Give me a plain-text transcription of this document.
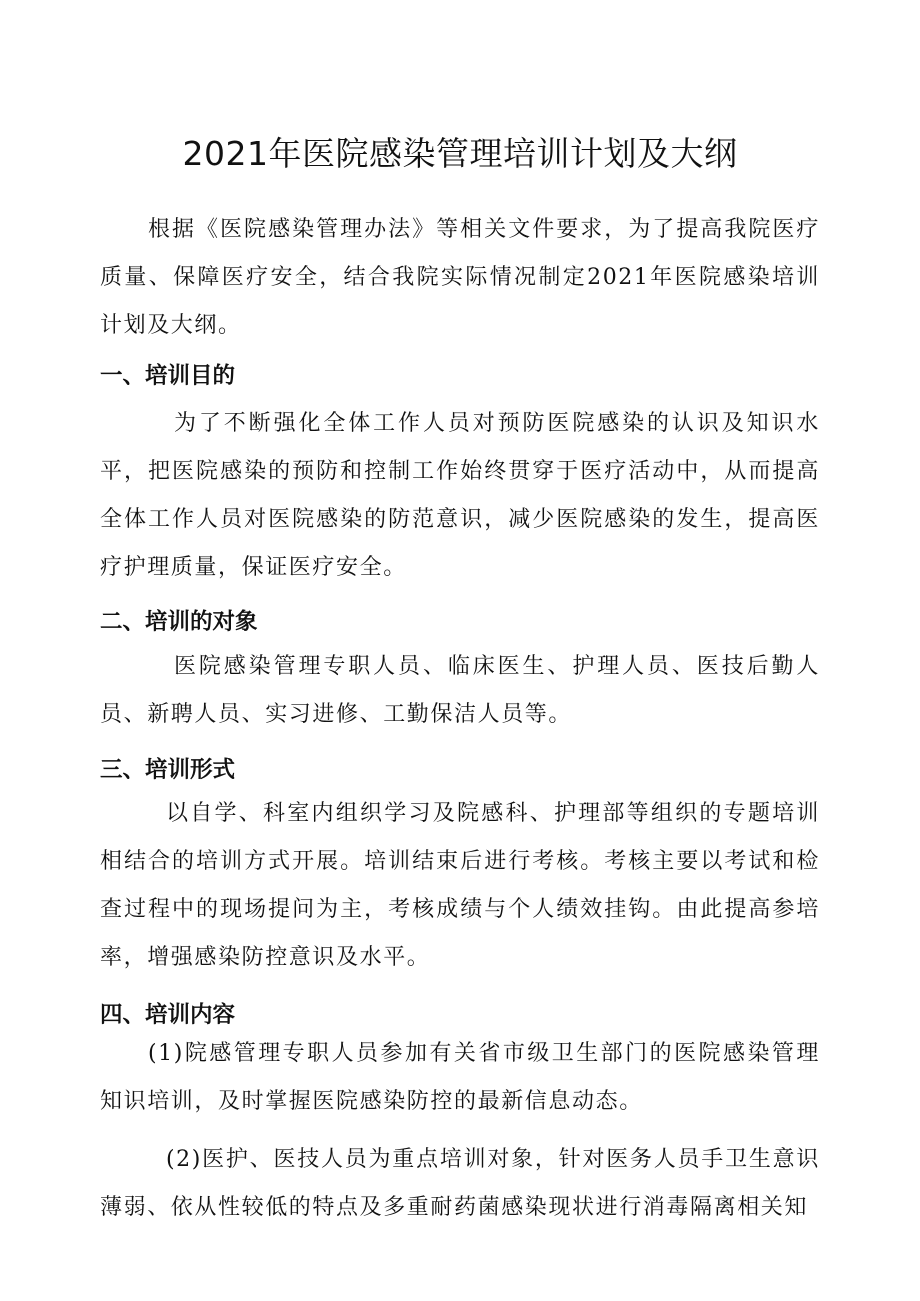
2021年医院感染管理培训计划及大纲

根据《医院感染管理办法》等相关文件要求，为了提高我院医疗质量、保障医疗安全，结合我院实际情况制定2021年医院感染培训计划及大纲。

一、培训目的

为了不断强化全体工作人员对预防医院感染的认识及知识水平，把医院感染的预防和控制工作始终贯穿于医疗活动中，从而提高全体工作人员对医院感染的防范意识，减少医院感染的发生，提高医疗护理质量，保证医疗安全。

二、培训的对象

医院感染管理专职人员、临床医生、护理人员、医技后勤人员、新聘人员、实习进修、工勤保洁人员等。

三、培训形式

以自学、科室内组织学习及院感科、护理部等组织的专题培训相结合的培训方式开展。培训结束后进行考核。考核主要以考试和检查过程中的现场提问为主，考核成绩与个人绩效挂钩。由此提高参培率，增强感染防控意识及水平。

四、培训内容

(1)院感管理专职人员参加有关省市级卫生部门的医院感染管理知识培训，及时掌握医院感染防控的最新信息动态。

(2)医护、医技人员为重点培训对象，针对医务人员手卫生意识薄弱、依从性较低的特点及多重耐药菌感染现状进行消毒隔离相关知
